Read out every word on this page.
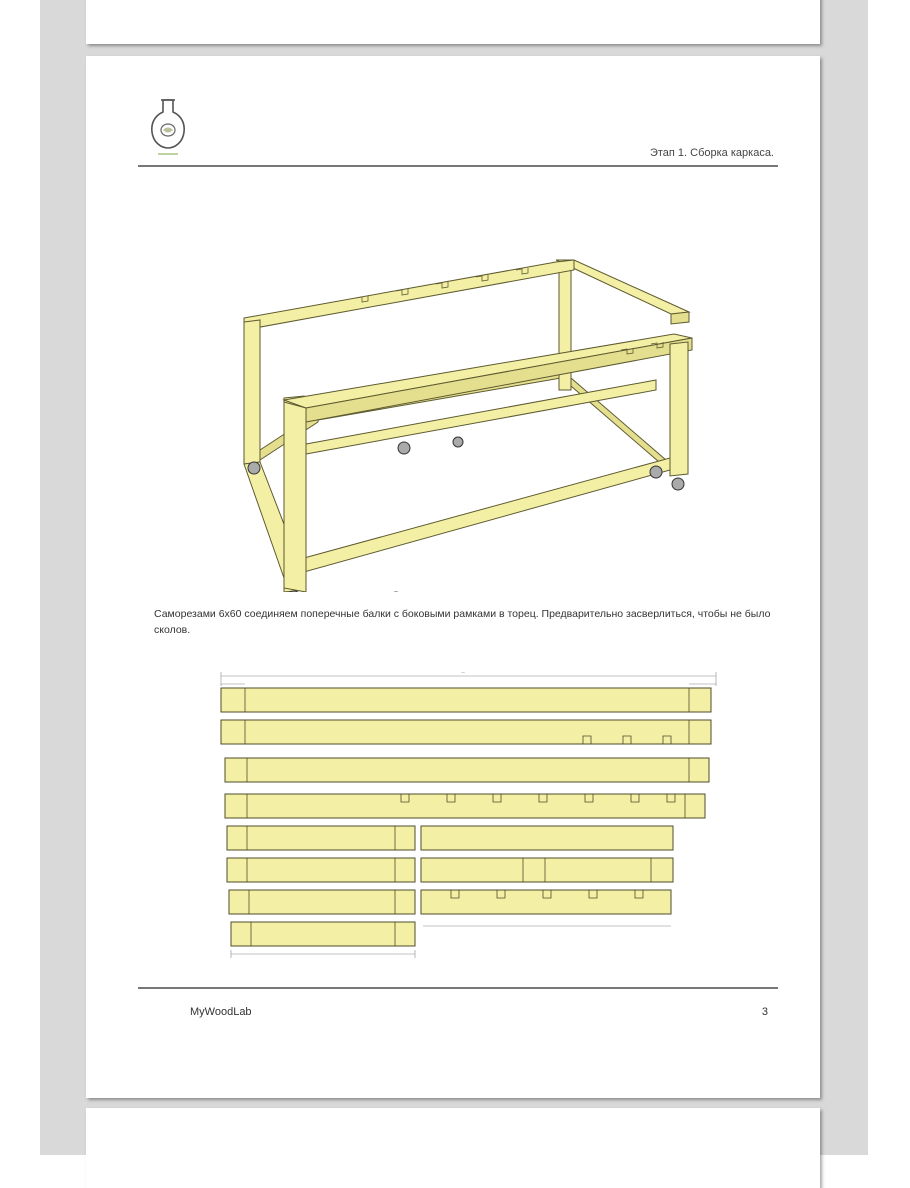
Этап 1. Сборка каркаса.
Саморезами 6х60 соединяем поперечные балки с боковыми рамками в торец. Предварительно засверлиться, чтобы не было сколов.
—
MyWoodLab	3
